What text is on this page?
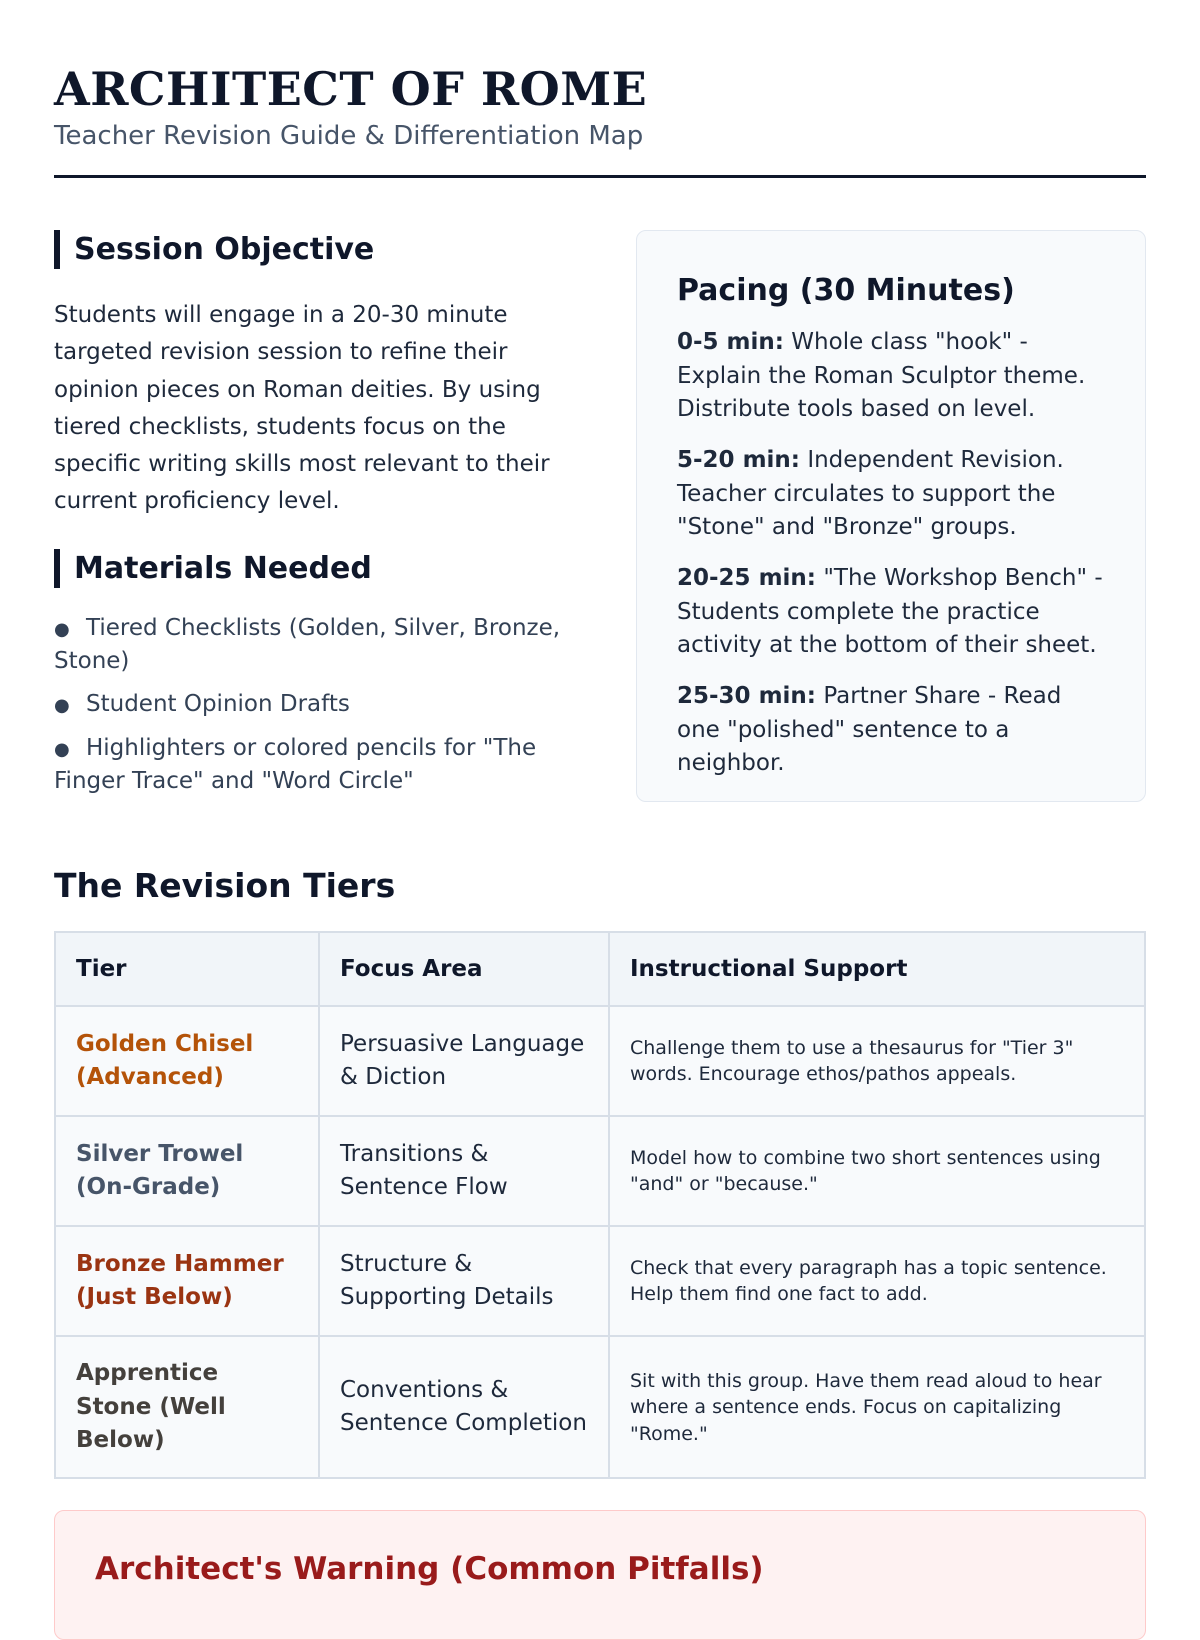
ARCHITECT OF ROME
Teacher Revision Guide & Differentiation Map
Session Objective

Students will engage in a 20-30 minute targeted revision session to refine their opinion pieces on Roman deities. By using tiered checklists, students focus on the specific writing skills most relevant to their current proficiency level.

Materials Needed
● Tiered Checklists (Golden, Silver, Bronze, Stone)
● Student Opinion Drafts
● Highlighters or colored pencils for "The Finger Trace" and "Word Circle"
Pacing (30 Minutes)
0-5 min: Whole class "hook" - Explain the Roman Sculptor theme. Distribute tools based on level.
5-20 min: Independent Revision. Teacher circulates to support the "Stone" and "Bronze" groups.
20-25 min: "The Workshop Bench" - Students complete the practice activity at the bottom of their sheet.
25-30 min: Partner Share - Read one "polished" sentence to a neighbor.
The Revision Tiers
Tier	Focus Area	Instructional Support

Golden Chisel (Advanced)	Persuasive Language & Diction	Challenge them to use a thesaurus for "Tier 3" words. Encourage ethos/pathos appeals.

Silver Trowel (On-Grade)	Transitions & Sentence Flow	Model how to combine two short sentences using "and" or "because."

Bronze Hammer (Just Below)	Structure & Supporting Details	Check that every paragraph has a topic sentence. Help them find one fact to add.

Apprentice Stone (Well Below)	Conventions & Sentence Completion	Sit with this group. Have them read aloud to hear where a sentence ends. Focus on capitalizing "Rome."
Architect's Warning (Common Pitfalls)
